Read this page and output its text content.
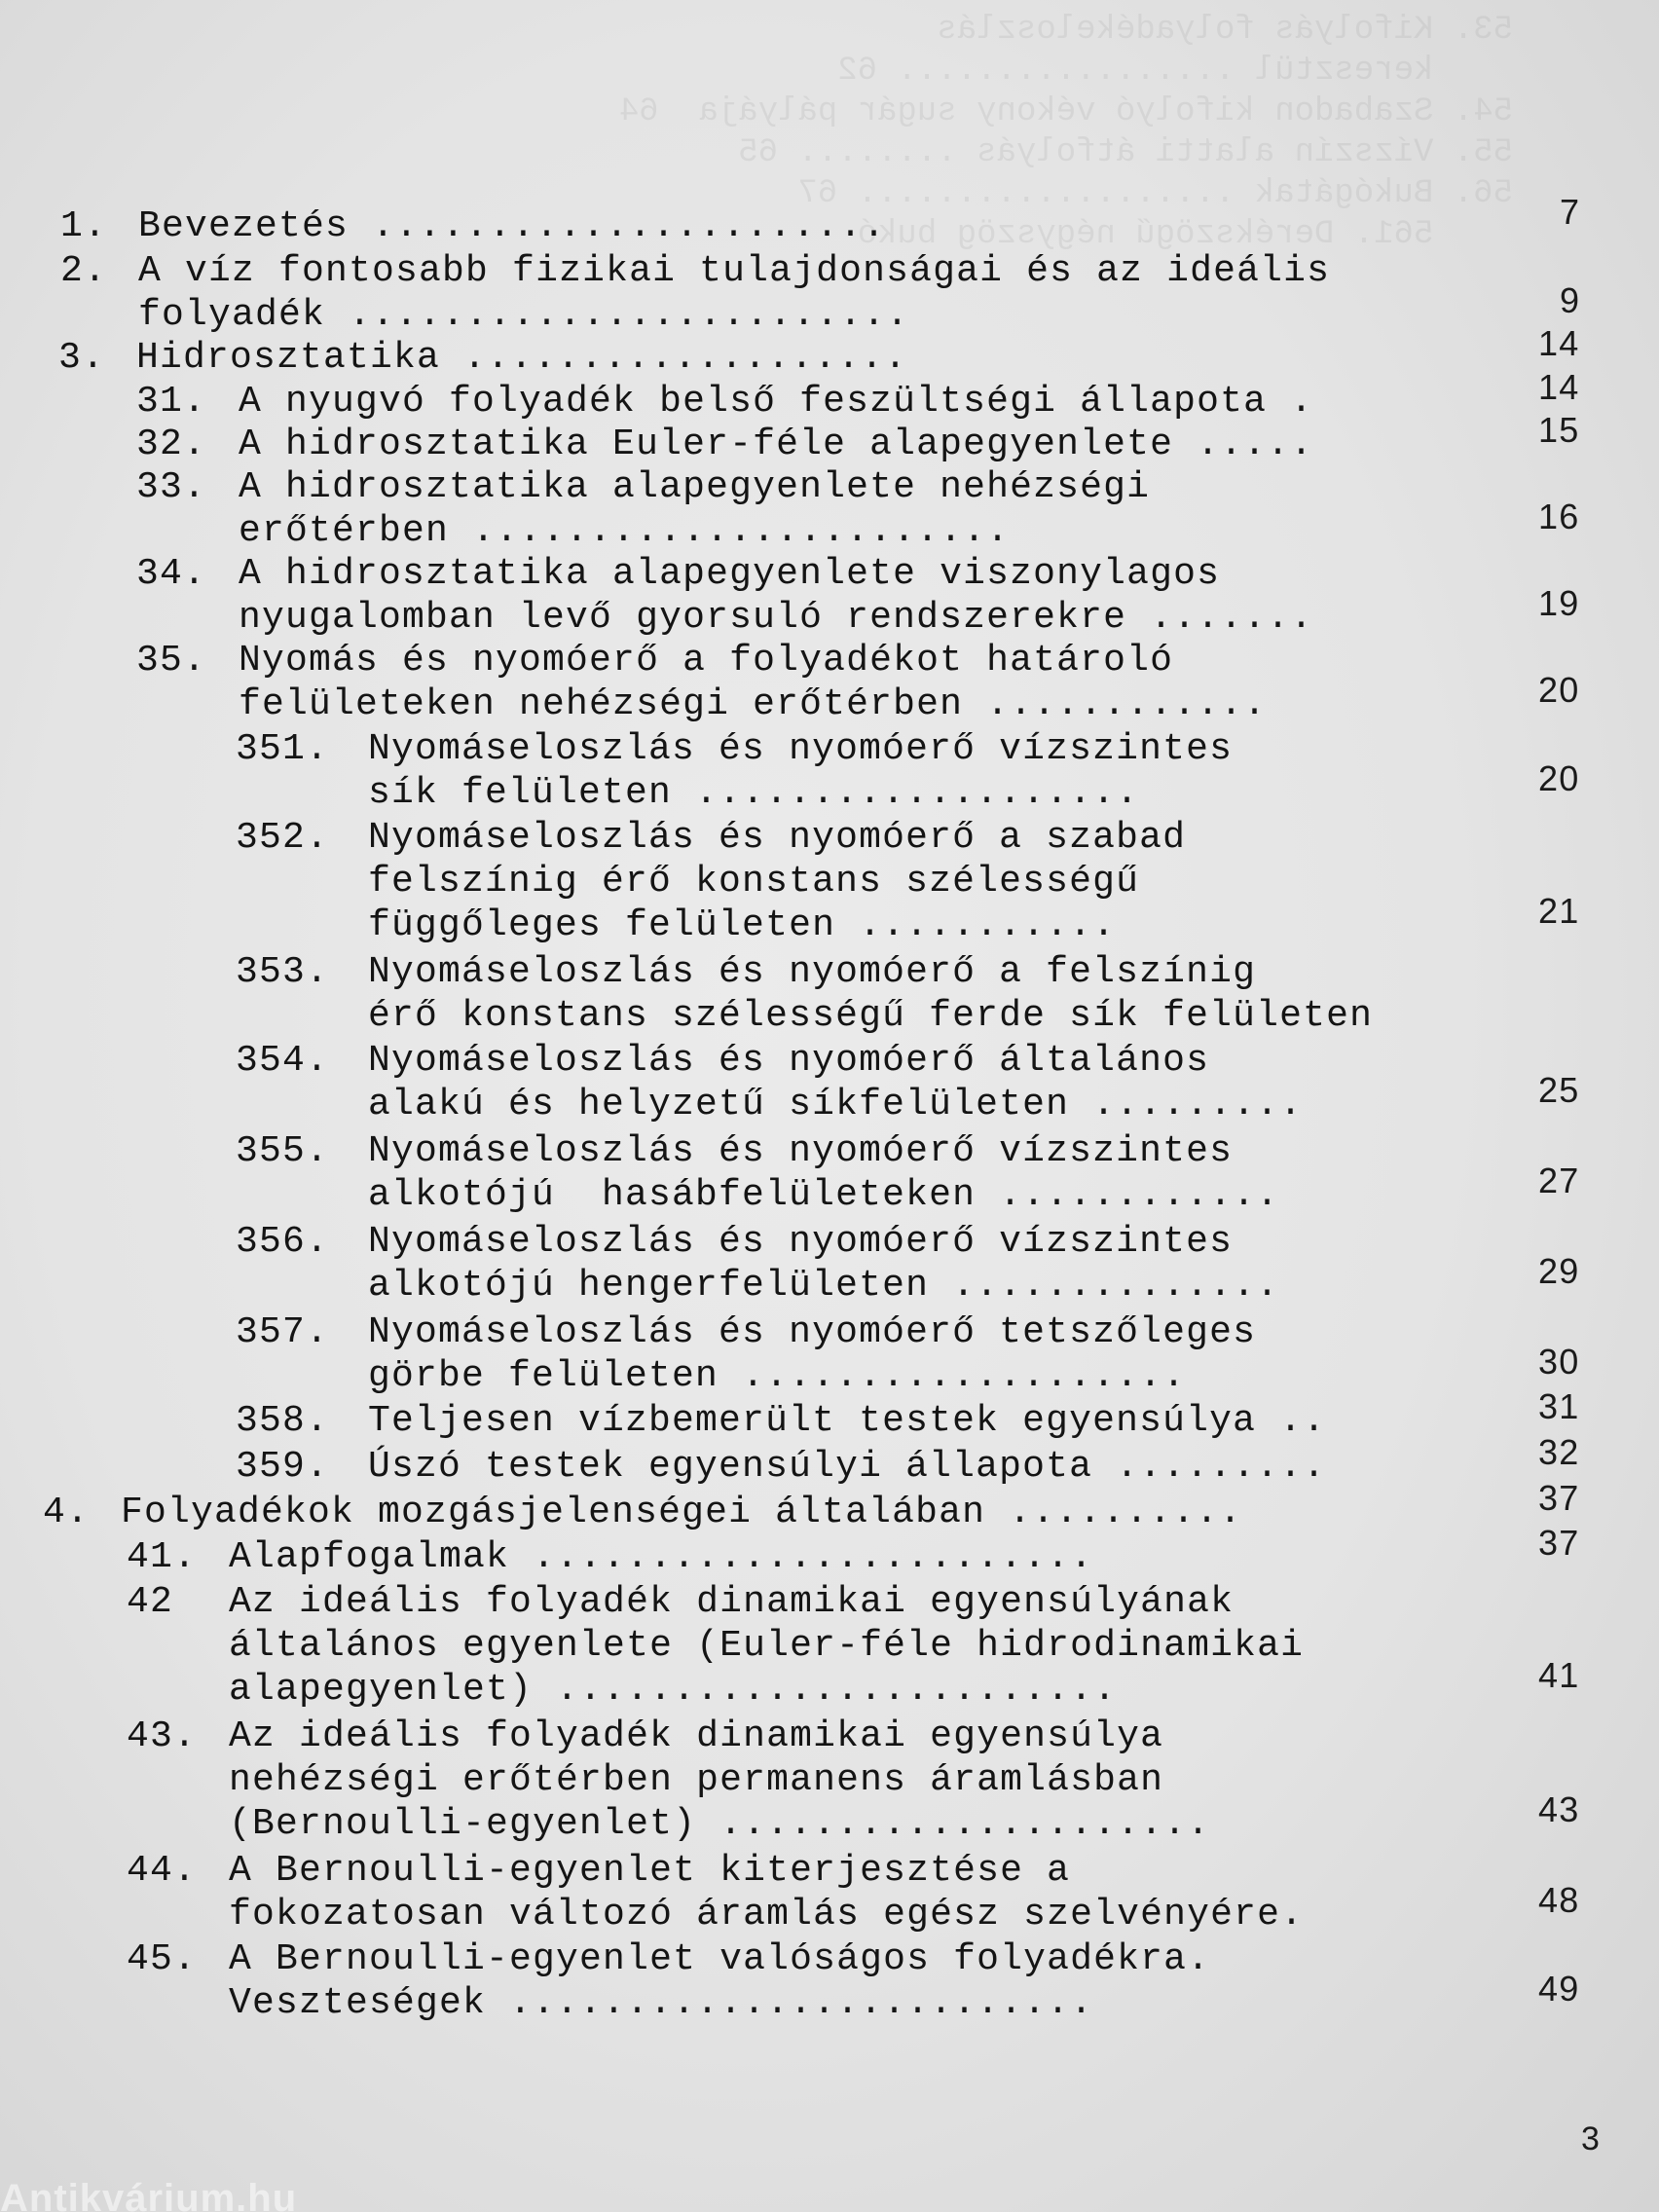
53. Kifolyás folyadékeloszlás
keresztül ................. 62
54. Szabadon kifolyó vékony sugár pályája  64
55. Vízszín alatti átfolyás ........ 65
56. Bukógátak ................... 67
561. Derékszögű négyszög bukó
1. Bevezetés ......................	7
2. A víz fontosabb fizikai tulajdonságai és az ideális
folyadék ........................	9
3. Hidrosztatika ...................	14
31. A nyugvó folyadék belső feszültségi állapota .	14
32. A hidrosztatika Euler-féle alapegyenlete .....	15
33. A hidrosztatika alapegyenlete nehézségi
erőtérben .......................	16
34. A hidrosztatika alapegyenlete viszonylagos
nyugalomban levő gyorsuló rendszerekre .......	19
35. Nyomás és nyomóerő a folyadékot határoló
felületeken nehézségi erőtérben ............	20
351. Nyomáseloszlás és nyomóerő vízszintes
sík felületen ...................	20
352. Nyomáseloszlás és nyomóerő a szabad
felszínig érő konstans szélességű
függőleges felületen ...........	21
353. Nyomáseloszlás és nyomóerő a felszínig
érő konstans szélességű ferde sík felületen
354. Nyomáseloszlás és nyomóerő általános
alakú és helyzetű síkfelületen .........	25
355. Nyomáseloszlás és nyomóerő vízszintes
alkotójú  hasábfelületeken ............	27
356. Nyomáseloszlás és nyomóerő vízszintes
alkotójú hengerfelületen ..............	29
357. Nyomáseloszlás és nyomóerő tetszőleges
görbe felületen ...................	30
358. Teljesen vízbemerült testek egyensúlya ..	31
359. Úszó testek egyensúlyi állapota .........	32
4. Folyadékok mozgásjelenségei általában ..........	37
41. Alapfogalmak ........................	37
42 Az ideális folyadék dinamikai egyensúlyának
általános egyenlete (Euler-féle hidrodinamikai
alapegyenlet) ........................	41
43. Az ideális folyadék dinamikai egyensúlya
nehézségi erőtérben permanens áramlásban
(Bernoulli-egyenlet) .....................	43
44. A Bernoulli-egyenlet kiterjesztése a
fokozatosan változó áramlás egész szelvényére.	48
45. A Bernoulli-egyenlet valóságos folyadékra.
Veszteségek .........................	49
3
Antikvárium.hu
